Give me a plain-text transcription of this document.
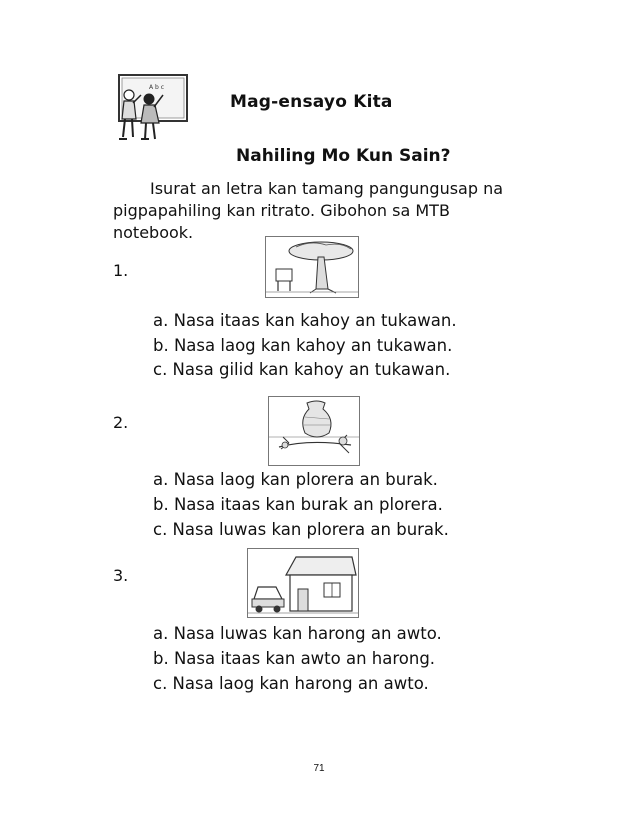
A b c
Mag-ensayo Kita
Nahiling Mo Kun Sain?
Isurat an letra kan tamang pangungusap na pigpapahiling kan ritrato. Gibohon sa MTB notebook.
1.
a. Nasa itaas kan kahoy an tukawan.
b. Nasa laog kan kahoy an tukawan.
c. Nasa gilid kan kahoy an tukawan.
2.
a. Nasa laog kan plorera an burak.
b. Nasa itaas kan burak an plorera.
c. Nasa luwas kan plorera an burak.
3.
a. Nasa luwas kan harong an awto.
b. Nasa itaas kan awto an harong.
c. Nasa laog kan harong an awto.
71
